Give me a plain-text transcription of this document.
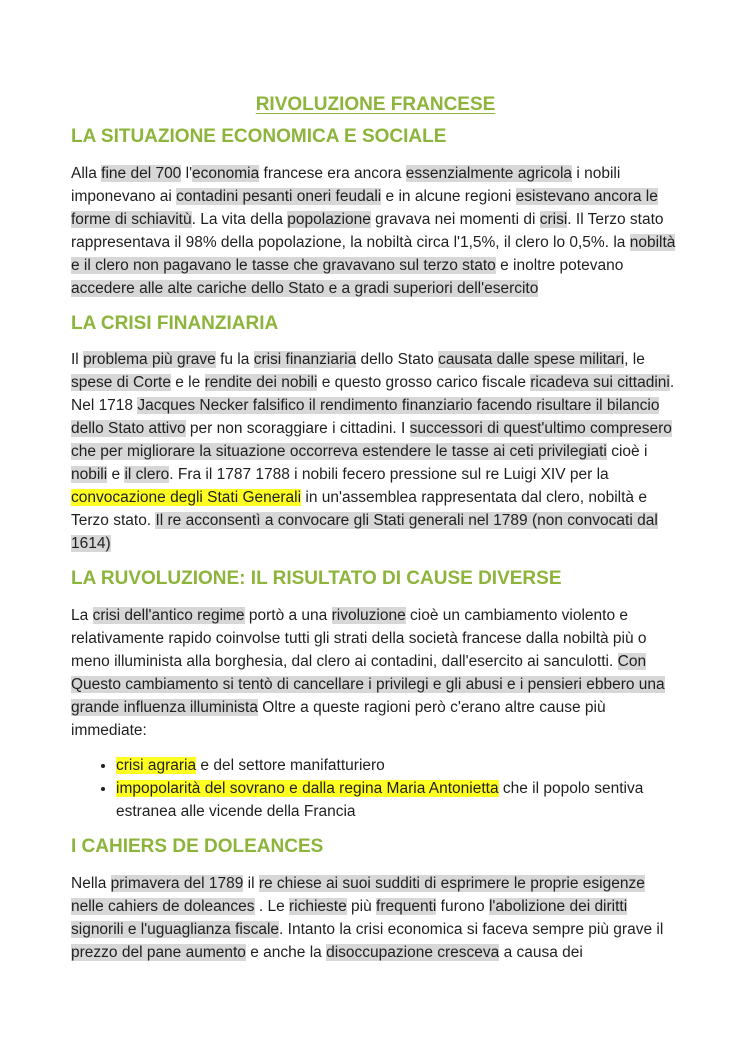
RIVOLUZIONE FRANCESE
LA SITUAZIONE ECONOMICA E SOCIALE

Alla fine del 700 l'economia francese era ancora essenzialmente agricola i nobili imponevano ai contadini pesanti oneri feudali e in alcune regioni esistevano ancora le forme di schiavitù. La vita della popolazione gravava nei momenti di crisi. Il Terzo stato rappresentava il 98% della popolazione, la nobiltà circa l'1,5%, il clero lo 0,5%. la nobiltà e il clero non pagavano le tasse che gravavano sul terzo stato e inoltre potevano accedere alle alte cariche dello Stato e a gradi superiori dell'esercito

LA CRISI FINANZIARIA

Il problema più grave fu la crisi finanziaria dello Stato causata dalle spese militari, le spese di Corte e le rendite dei nobili e questo grosso carico fiscale ricadeva sui cittadini. Nel 1718 Jacques Necker falsifico il rendimento finanziario facendo risultare il bilancio dello Stato attivo per non scoraggiare i cittadini. I successori di quest'ultimo compresero che per migliorare la situazione occorreva estendere le tasse ai ceti privilegiati cioè i nobili e il clero. Fra il 1787 1788 i nobili fecero pressione sul re Luigi XIV per la convocazione degli Stati Generali in un'assemblea rappresentata dal clero, nobiltà e Terzo stato. Il re acconsentì a convocare gli Stati generali nel 1789 (non convocati dal 1614)

LA RUVOLUZIONE: IL RISULTATO DI CAUSE DIVERSE

La crisi dell'antico regime portò a una rivoluzione cioè un cambiamento violento e relativamente rapido coinvolse tutti gli strati della società francese dalla nobiltà più o meno illuminista alla borghesia, dal clero ai contadini, dall'esercito ai sanculotti. Con Questo cambiamento si tentò di cancellare i privilegi e gli abusi e i pensieri ebbero una grande influenza illuminista Oltre a queste ragioni però c'erano altre cause più immediate:

• crisi agraria e del settore manifatturiero
• impopolarità del sovrano e dalla regina Maria Antonietta che il popolo sentiva estranea alle vicende della Francia
I CAHIERS DE DOLEANCES

Nella primavera del 1789 il re chiese ai suoi sudditi di esprimere le proprie esigenze nelle cahiers de doleances . Le richieste più frequenti furono l'abolizione dei diritti signorili e l'uguaglianza fiscale. Intanto la crisi economica si faceva sempre più grave il prezzo del pane aumento e anche la disoccupazione cresceva a causa dei
